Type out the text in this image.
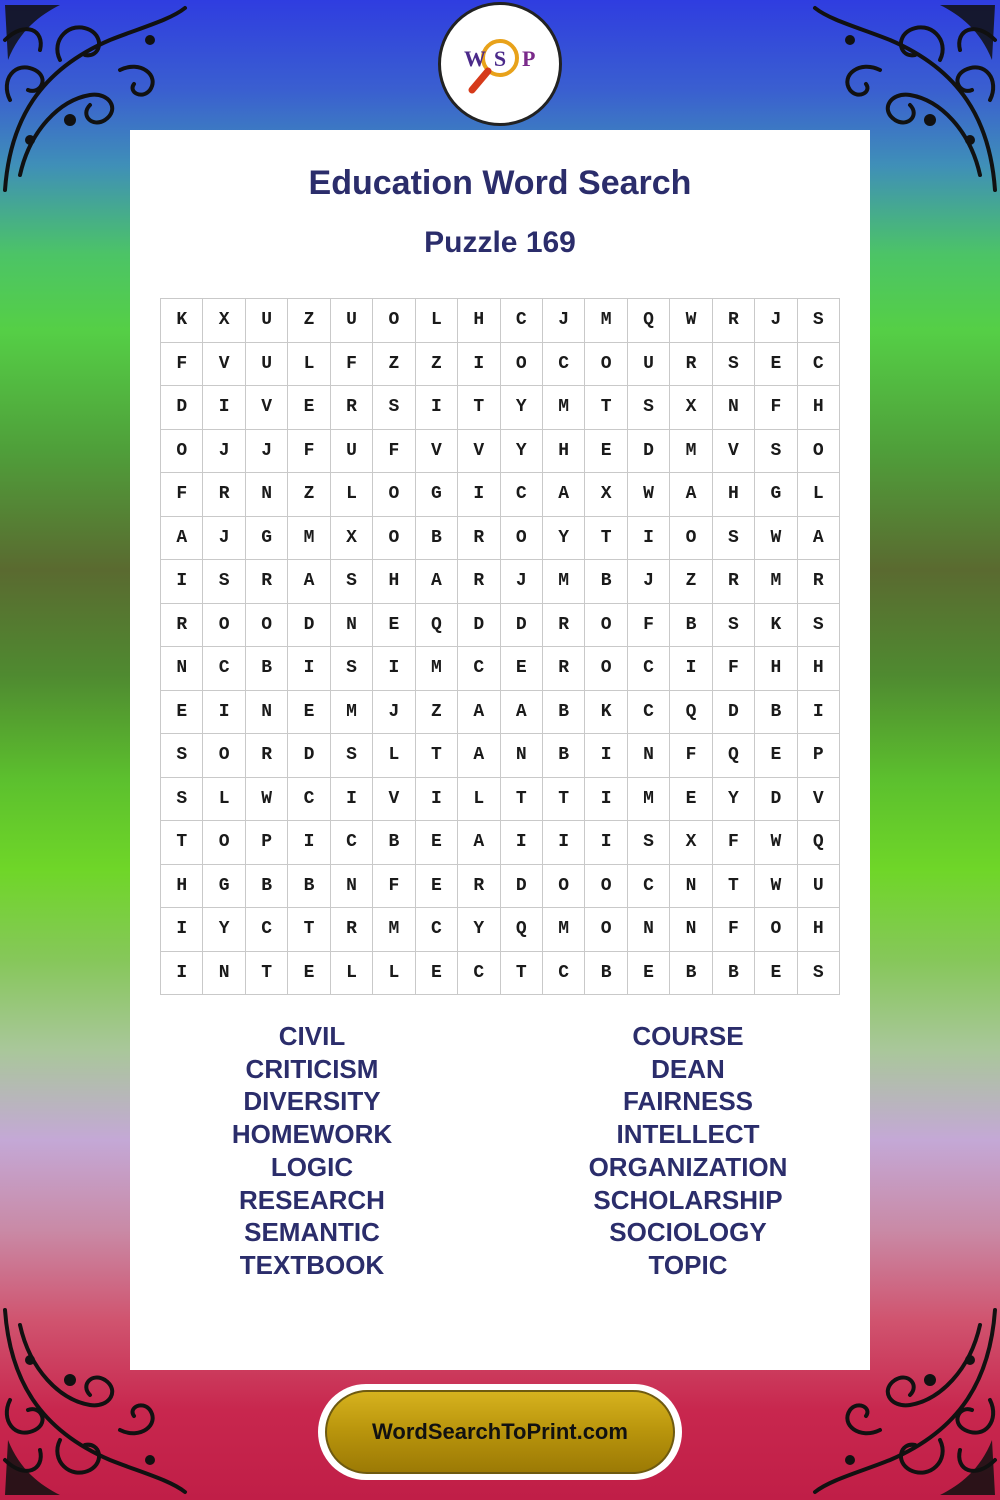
W S P
Education Word Search
Puzzle 169
K	X	U	Z	U	O	L	H	C	J	M	Q	W	R	J	S
F	V	U	L	F	Z	Z	I	O	C	O	U	R	S	E	C
D	I	V	E	R	S	I	T	Y	M	T	S	X	N	F	H
O	J	J	F	U	F	V	V	Y	H	E	D	M	V	S	O
F	R	N	Z	L	O	G	I	C	A	X	W	A	H	G	L
A	J	G	M	X	O	B	R	O	Y	T	I	O	S	W	A
I	S	R	A	S	H	A	R	J	M	B	J	Z	R	M	R
R	O	O	D	N	E	Q	D	D	R	O	F	B	S	K	S
N	C	B	I	S	I	M	C	E	R	O	C	I	F	H	H
E	I	N	E	M	J	Z	A	A	B	K	C	Q	D	B	I
S	O	R	D	S	L	T	A	N	B	I	N	F	Q	E	P
S	L	W	C	I	V	I	L	T	T	I	M	E	Y	D	V
T	O	P	I	C	B	E	A	I	I	I	S	X	F	W	Q
H	G	B	B	N	F	E	R	D	O	O	C	N	T	W	U
I	Y	C	T	R	M	C	Y	Q	M	O	N	N	F	O	H
I	N	T	E	L	L	E	C	T	C	B	E	B	B	E	S
CIVIL
CRITICISM
DIVERSITY
HOMEWORK
LOGIC
RESEARCH
SEMANTIC
TEXTBOOK
COURSE
DEAN
FAIRNESS
INTELLECT
ORGANIZATION
SCHOLARSHIP
SOCIOLOGY
TOPIC
WordSearchToPrint.com
